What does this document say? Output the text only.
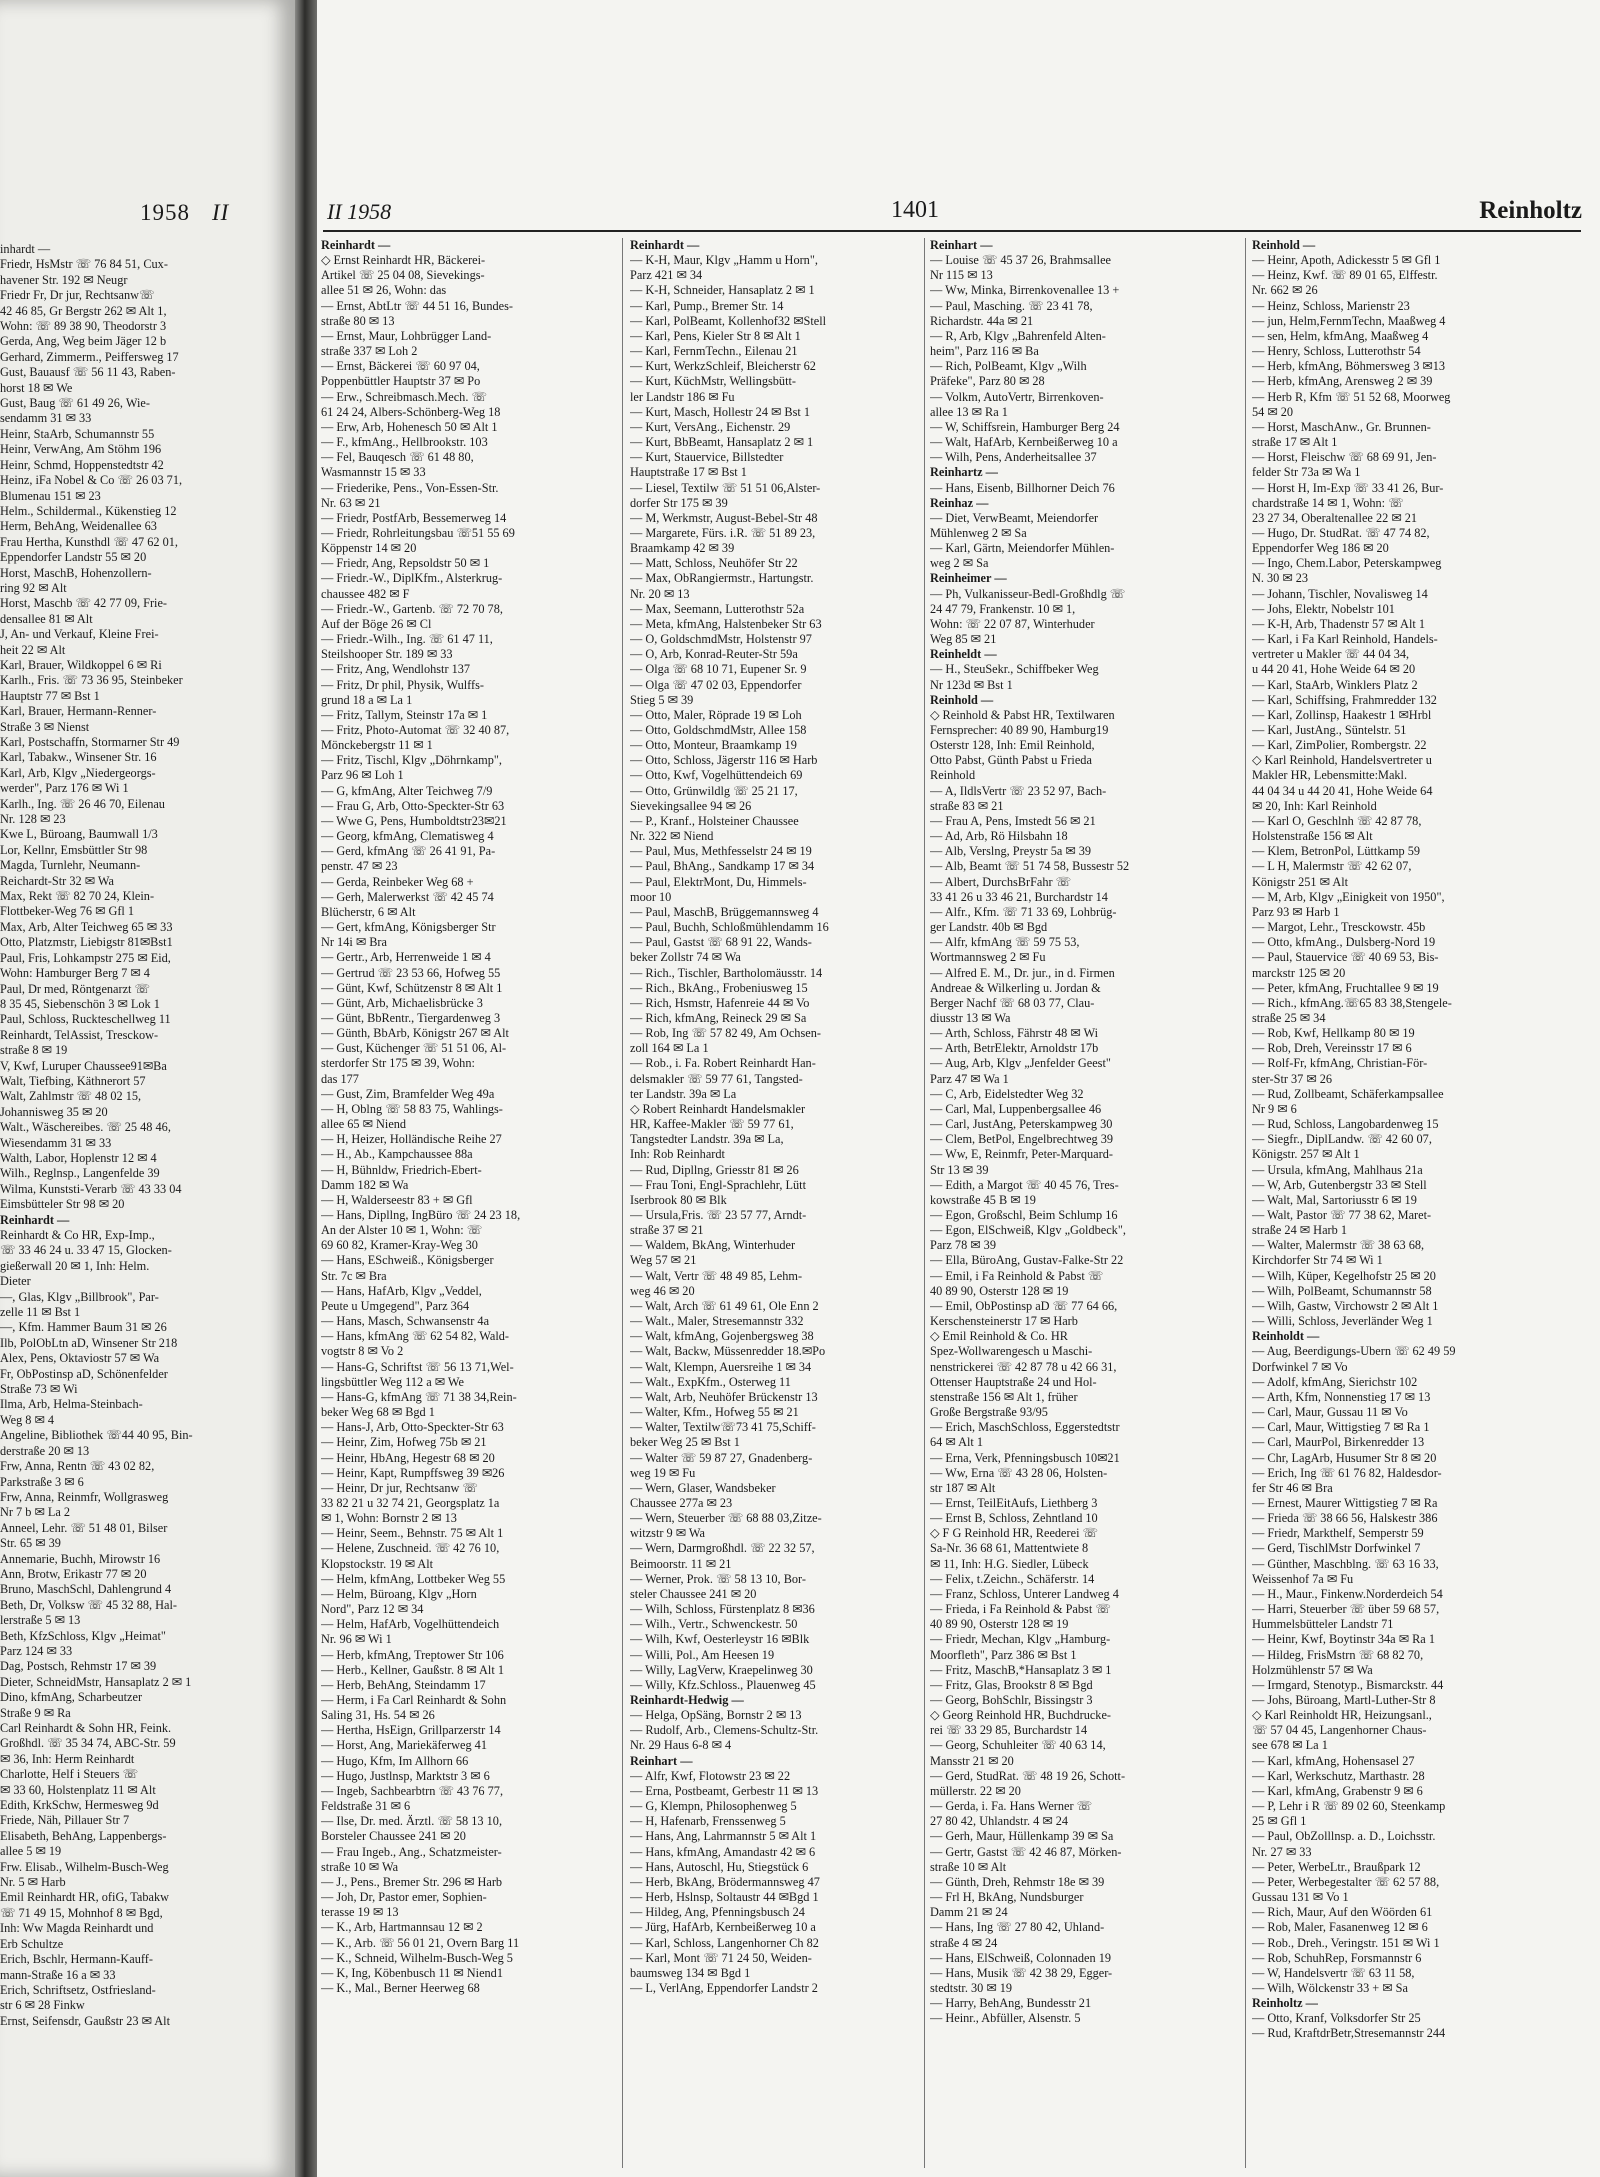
1958 II
inhardt —
Friedr, HsMstr ☏ 76 84 51, Cux-
havener Str. 192 ✉ Neugr
Friedr Fr, Dr jur, Rechtsanw☏
42 46 85, Gr Bergstr 262 ✉ Alt 1,
Wohn: ☏ 89 38 90, Theodorstr 3
Gerda, Ang, Weg beim Jäger 12 b
Gerhard, Zimmerm., Peiffersweg 17
Gust, Bauausf ☏ 56 11 43, Raben-
horst 18 ✉ We
Gust, Baug ☏ 61 49 26, Wie-
sendamm 31 ✉ 33
Heinr, StaArb, Schumannstr 55
Heinr, VerwAng, Am Stöhm 196
Heinr, Schmd, Hoppenstedtstr 42
Heinz, iFa Nobel & Co ☏ 26 03 71,
Blumenau 151 ✉ 23
Helm., Schildermal., Kükenstieg 12
Herm, BehAng, Weidenallee 63
Frau Hertha, Kunsthdl ☏ 47 62 01,
Eppendorfer Landstr 55 ✉ 20
Horst, MaschB, Hohenzollern-
ring 92 ✉ Alt
Horst, Maschb ☏ 42 77 09, Frie-
densallee 81 ✉ Alt
J, An- und Verkauf, Kleine Frei-
heit 22 ✉ Alt
Karl, Brauer, Wildkoppel 6 ✉ Ri
Karlh., Fris. ☏ 73 36 95, Steinbeker
Hauptstr 77 ✉ Bst 1
Karl, Brauer, Hermann-Renner-
Straße 3 ✉ Nienst
Karl, Postschaffn, Stormarner Str 49
Karl, Tabakw., Winsener Str. 16
Karl, Arb, Klgv „Niedergeorgs-
werder", Parz 176 ✉ Wi 1
Karlh., Ing. ☏ 26 46 70, Eilenau
Nr. 128 ✉ 23
Kwe L, Büroang, Baumwall 1/3
Lor, Kellnr, Emsbüttler Str 98
Magda, Turnlehr, Neumann-
Reichardt-Str 32 ✉ Wa
Max, Rekt ☏ 82 70 24, Klein-
Flottbeker-Weg 76 ✉ Gfl 1
Max, Arb, Alter Teichweg 65 ✉ 33
Otto, Platzmstr, Liebigstr 81✉Bst1
Paul, Fris, Lohkampstr 275 ✉ Eid,
Wohn: Hamburger Berg 7 ✉ 4
Paul, Dr med, Röntgenarzt ☏
8 35 45, Siebenschön 3 ✉ Lok 1
Paul, Schloss, Ruckteschellweg 11
Reinhardt, TelAssist, Tresckow-
straße 8 ✉ 19
V, Kwf, Luruper Chaussee91✉Ba
Walt, Tiefbing, Käthnerort 57
Walt, Zahlmstr ☏ 48 02 15,
Johannisweg 35 ✉ 20
Walt., Wäschereibes. ☏ 25 48 46,
Wiesendamm 31 ✉ 33
Walth, Labor, Hoplenstr 12 ✉ 4
Wilh., Reglnsp., Langenfelde 39
Wilma, Kunststi-Verarb ☏ 43 33 04
Eimsbütteler Str 98 ✉ 20
Reinhardt —
Reinhardt & Co HR, Exp-Imp.,
☏ 33 46 24 u. 33 47 15, Glocken-
gießerwall 20 ✉ 1, Inh: Helm.
Dieter
—, Glas, Klgv „Billbrook", Par-
zelle 11 ✉ Bst 1
—, Kfm. Hammer Baum 31 ✉ 26
Ilb, PolObLtn aD, Winsener Str 218
Alex, Pens, Oktaviostr 57 ✉ Wa
Fr, ObPostinsp aD, Schönenfelder
Straße 73 ✉ Wi
Ilma, Arb, Helma-Steinbach-
Weg 8 ✉ 4
Angeline, Bibliothek ☏44 40 95, Bin-
derstraße 20 ✉ 13
Frw, Anna, Rentn ☏ 43 02 82,
Parkstraße 3 ✉ 6
Frw, Anna, Reinmfr, Wollgrasweg
Nr 7 b ✉ La 2
Anneel, Lehr. ☏ 51 48 01, Bilser
Str. 65 ✉ 39
Annemarie, Buchh, Mirowstr 16
Ann, Brotw, Erikastr 77 ✉ 20
Bruno, MaschSchl, Dahlengrund 4
Beth, Dr, Volksw ☏ 45 32 88, Hal-
lerstraße 5 ✉ 13
Beth, KfzSchloss, Klgv „Heimat"
Parz 124 ✉ 33
Dag, Postsch, Rehmstr 17 ✉ 39
Dieter, SchneidMstr, Hansaplatz 2 ✉ 1
Dino, kfmAng, Scharbeutzer
Straße 9 ✉ Ra
Carl Reinhardt & Sohn HR, Feink.
Großhdl. ☏ 35 34 74, ABC-Str. 59
✉ 36, Inh: Herm Reinhardt
Charlotte, Helf i Steuers ☏
✉ 33 60, Holstenplatz 11 ✉ Alt
Edith, KrkSchw, Hermesweg 9d
Friede, Näh, Pillauer Str 7
Elisabeth, BehAng, Lappenbergs-
allee 5 ✉ 19
Frw. Elisab., Wilhelm-Busch-Weg
Nr. 5 ✉ Harb
Emil Reinhardt HR, ofiG, Tabakw
☏ 71 49 15, Mohnhof 8 ✉ Bgd,
Inh: Ww Magda Reinhardt und
Erb Schultze
Erich, Bschlr, Hermann-Kauff-
mann-Straße 16 a ✉ 33
Erich, Schriftsetz, Ostfriesland-
str 6 ✉ 28 Finkw
Ernst, Seifensdr, Gaußstr 23 ✉ Alt
II 1958	1401	Reinholtz
Reinhardt —
◇ Ernst Reinhardt HR, Bäckerei-
Artikel ☏ 25 04 08, Sievekings-
allee 51 ✉ 26, Wohn: das
— Ernst, AbtLtr ☏ 44 51 16, Bundes-
straße 80 ✉ 13
— Ernst, Maur, Lohbrügger Land-
straße 337 ✉ Loh 2
— Ernst, Bäckerei ☏ 60 97 04,
Poppenbüttler Hauptstr 37 ✉ Po
— Erw., Schreibmasch.Mech. ☏
61 24 24, Albers-Schönberg-Weg 18
— Erw, Arb, Hohenesch 50 ✉ Alt 1
— F., kfmAng., Hellbrookstr. 103
— Fel, Bauqesch ☏ 61 48 80,
Wasmannstr 15 ✉ 33
— Friederike, Pens., Von-Essen-Str.
Nr. 63 ✉ 21
— Friedr, PostfArb, Bessemerweg 14
— Friedr, Rohrleitungsbau ☏51 55 69
Köppenstr 14 ✉ 20
— Friedr, Ang, Repsoldstr 50 ✉ 1
— Friedr.-W., DiplKfm., Alsterkrug-
chaussee 482 ✉ F
— Friedr.-W., Gartenb. ☏ 72 70 78,
Auf der Böge 26 ✉ Cl
— Friedr.-Wilh., Ing. ☏ 61 47 11,
Steilshooper Str. 189 ✉ 33
— Fritz, Ang, Wendlohstr 137
— Fritz, Dr phil, Physik, Wulffs-
grund 18 a ✉ La 1
— Fritz, Tallym, Steinstr 17a ✉ 1
— Fritz, Photo-Automat ☏ 32 40 87,
Mönckebergstr 11 ✉ 1
— Fritz, Tischl, Klgv „Döhrnkamp",
Parz 96 ✉ Loh 1
— G, kfmAng, Alter Teichweg 7/9
— Frau G, Arb, Otto-Speckter-Str 63
— Wwe G, Pens, Humboldtstr23✉21
— Georg, kfmAng, Clematisweg 4
— Gerd, kfmAng ☏ 26 41 91, Pa-
penstr. 47 ✉ 23
— Gerda, Reinbeker Weg 68 +
— Gerh, Malerwerkst ☏ 42 45 74
Blücherstr, 6 ✉ Alt
— Gert, kfmAng, Königsberger Str
Nr 14i ✉ Bra
— Gertr., Arb, Herrenweide 1 ✉ 4
— Gertrud ☏ 23 53 66, Hofweg 55
— Günt, Kwf, Schützenstr 8 ✉ Alt 1
— Günt, Arb, Michaelisbrücke 3
— Günt, BbRentr., Tiergardenweg 3
— Günth, BbArb, Königstr 267 ✉ Alt
— Gust, Küchenger ☏ 51 51 06, Al-
sterdorfer Str 175 ✉ 39, Wohn:
das 177
— Gust, Zim, Bramfelder Weg 49a
— H, Oblng ☏ 58 83 75, Wahlings-
allee 65 ✉ Niend
— H, Heizer, Holländische Reihe 27
— H., Ab., Kampchaussee 88a
— H, Bühnldw, Friedrich-Ebert-
Damm 182 ✉ Wa
— H, Walderseestr 83 + ✉ Gfl
— Hans, Dipllng, IngBüro ☏ 24 23 18,
An der Alster 10 ✉ 1, Wohn: ☏
69 60 82, Kramer-Kray-Weg 30
— Hans, ESchweiß., Königsberger
Str. 7c ✉ Bra
— Hans, HafArb, Klgv „Veddel,
Peute u Umgegend", Parz 364
— Hans, Masch, Schwansenstr 4a
— Hans, kfmAng ☏ 62 54 82, Wald-
vogtstr 8 ✉ Vo 2
— Hans-G, Schriftst ☏ 56 13 71,Wel-
lingsbüttler Weg 112 a ✉ We
— Hans-G, kfmAng ☏ 71 38 34,Rein-
beker Weg 68 ✉ Bgd 1
— Hans-J, Arb, Otto-Speckter-Str 63
— Heinr, Zim, Hofweg 75b ✉ 21
— Heinr, HbAng, Hegestr 68 ✉ 20
— Heinr, Kapt, Rumpffsweg 39 ✉26
— Heinr, Dr jur, Rechtsanw ☏
33 82 21 u 32 74 21, Georgsplatz 1a
✉ 1, Wohn: Bornstr 2 ✉ 13
— Heinr, Seem., Behnstr. 75 ✉ Alt 1
— Helene, Zuschneid. ☏ 42 76 10,
Klopstockstr. 19 ✉ Alt
— Helm, kfmAng, Lottbeker Weg 55
— Helm, Büroang, Klgv „Horn
Nord", Parz 12 ✉ 34
— Helm, HafArb, Vogelhüttendeich
Nr. 96 ✉ Wi 1
— Herb, kfmAng, Treptower Str 106
— Herb., Kellner, Gaußstr. 8 ✉ Alt 1
— Herb, BehAng, Steindamm 17
— Herm, i Fa Carl Reinhardt & Sohn
Saling 31, Hs. 54 ✉ 26
— Hertha, HsEign, Grillparzerstr 14
— Horst, Ang, Mariekäferweg 41
— Hugo, Kfm, Im Allhorn 66
— Hugo, Justlnsp, Marktstr 3 ✉ 6
— Ingeb, Sachbearbtrn ☏ 43 76 77,
Feldstraße 31 ✉ 6
— Ilse, Dr. med. Ärztl. ☏ 58 13 10,
Borsteler Chaussee 241 ✉ 20
— Frau Ingeb., Ang., Schatzmeister-
straße 10 ✉ Wa
— J., Pens., Bremer Str. 296 ✉ Harb
— Joh, Dr, Pastor emer, Sophien-
terasse 19 ✉ 13
— K., Arb, Hartmannsau 12 ✉ 2
— K., Arb. ☏ 56 01 21, Overn Barg 11
— K., Schneid, Wilhelm-Busch-Weg 5
— K, Ing, Köbenbusch 11 ✉ Niend1
— K., Mal., Berner Heerweg 68
Reinhardt —
— K-H, Maur, Klgv „Hamm u Horn",
Parz 421 ✉ 34
— K-H, Schneider, Hansaplatz 2 ✉ 1
— Karl, Pump., Bremer Str. 14
— Karl, PolBeamt, Kollenhof32 ✉Stell
— Karl, Pens, Kieler Str 8 ✉ Alt 1
— Karl, FernmTechn., Eilenau 21
— Kurt, WerkzSchleif, Bleicherstr 62
— Kurt, KüchMstr, Wellingsbütt-
ler Landstr 186 ✉ Fu
— Kurt, Masch, Hollestr 24 ✉ Bst 1
— Kurt, VersAng., Eichenstr. 29
— Kurt, BbBeamt, Hansaplatz 2 ✉ 1
— Kurt, Stauervice, Billstedter
Hauptstraße 17 ✉ Bst 1
— Liesel, Textilw ☏ 51 51 06,Alster-
dorfer Str 175 ✉ 39
— M, Werkmstr, August-Bebel-Str 48
— Margarete, Fürs. i.R. ☏ 51 89 23,
Braamkamp 42 ✉ 39
— Matt, Schloss, Neuhöfer Str 22
— Max, ObRangiermstr., Hartungstr.
Nr. 20 ✉ 13
— Max, Seemann, Lutterothstr 52a
— Meta, kfmAng, Halstenbeker Str 63
— O, GoldschmdMstr, Holstenstr 97
— O, Arb, Konrad-Reuter-Str 59a
— Olga ☏ 68 10 71, Eupener Sr. 9
— Olga ☏ 47 02 03, Eppendorfer
Stieg 5 ✉ 39
— Otto, Maler, Röprade 19 ✉ Loh
— Otto, GoldschmdMstr, Allee 158
— Otto, Monteur, Braamkamp 19
— Otto, Schloss, Jägerstr 116 ✉ Harb
— Otto, Kwf, Vogelhüttendeich 69
— Otto, Grünwildlg ☏ 25 21 17,
Sievekingsallee 94 ✉ 26
— P., Kranf., Holsteiner Chaussee
Nr. 322 ✉ Niend
— Paul, Mus, Methfesselstr 24 ✉ 19
— Paul, BhAng., Sandkamp 17 ✉ 34
— Paul, ElektrMont, Du, Himmels-
moor 10
— Paul, MaschB, Brüggemannsweg 4
— Paul, Buchh, Schloßmühlendamm 16
— Paul, Gastst ☏ 68 91 22, Wands-
beker Zollstr 74 ✉ Wa
— Rich., Tischler, Bartholomäusstr. 14
— Rich., BkAng., Frobeniusweg 15
— Rich, Hsmstr, Hafenreie 44 ✉ Vo
— Rich, kfmAng, Reineck 29 ✉ Sa
— Rob, Ing ☏ 57 82 49, Am Ochsen-
zoll 164 ✉ La 1
— Rob., i. Fa. Robert Reinhardt Han-
delsmakler ☏ 59 77 61, Tangsted-
ter Landstr. 39a ✉ La
◇ Robert Reinhardt Handelsmakler
HR, Kaffee-Makler ☏ 59 77 61,
Tangstedter Landstr. 39a ✉ La,
Inh: Rob Reinhardt
— Rud, Dipllng, Griesstr 81 ✉ 26
— Frau Toni, Engl-Sprachlehr, Lütt
Iserbrook 80 ✉ Blk
— Ursula,Fris. ☏ 23 57 77, Arndt-
straße 37 ✉ 21
— Waldem, BkAng, Winterhuder
Weg 57 ✉ 21
— Walt, Vertr ☏ 48 49 85, Lehm-
weg 46 ✉ 20
— Walt, Arch ☏ 61 49 61, Ole Enn 2
— Walt., Maler, Stresemannstr 332
— Walt, kfmAng, Gojenbergsweg 38
— Walt, Backw, Müssenredder 18.✉Po
— Walt, Klempn, Auersreihe 1 ✉ 34
— Walt., ExpKfm., Osterweg 11
— Walt, Arb, Neuhöfer Brückenstr 13
— Walter, Kfm., Hofweg 55 ✉ 21
— Walter, Textilw☏73 41 75,Schiff-
beker Weg 25 ✉ Bst 1
— Walter ☏ 59 87 27, Gnadenberg-
weg 19 ✉ Fu
— Wern, Glaser, Wandsbeker
Chaussee 277a ✉ 23
— Wern, Steuerber ☏ 68 88 03,Zitze-
witzstr 9 ✉ Wa
— Wern, Darmgroßhdl. ☏ 22 32 57,
Beimoorstr. 11 ✉ 21
— Werner, Prok. ☏ 58 13 10, Bor-
steler Chaussee 241 ✉ 20
— Wilh, Schloss, Fürstenplatz 8 ✉36
— Wilh., Vertr., Schwenckestr. 50
— Wilh, Kwf, Oesterleystr 16 ✉Blk
— Willi, Pol., Am Heesen 19
— Willy, LagVerw, Kraepelinweg 30
— Willy, Kfz.Schloss., Plauenweg 45
Reinhardt-Hedwig —
— Helga, OpSäng, Bornstr 2 ✉ 13
— Rudolf, Arb., Clemens-Schultz-Str.
Nr. 29 Haus 6-8 ✉ 4
Reinhart —
— Alfr, Kwf, Flotowstr 23 ✉ 22
— Erna, Postbeamt, Gerbestr 11 ✉ 13
— G, Klempn, Philosophenweg 5
— H, Hafenarb, Frenssenweg 5
— Hans, Ang, Lahrmannstr 5 ✉ Alt 1
— Hans, kfmAng, Amandastr 42 ✉ 6
— Hans, Autoschl, Hu, Stiegstück 6
— Herb, BkAng, Brödermannsweg 47
— Herb, Hslnsp, Soltaustr 44 ✉Bgd 1
— Hildeg, Ang, Pfenningsbusch 24
— Jürg, HafArb, Kernbeißerweg 10 a
— Karl, Schloss, Langenhorner Ch 82
— Karl, Mont ☏ 71 24 50, Weiden-
baumsweg 134 ✉ Bgd 1
— L, VerlAng, Eppendorfer Landstr 2
Reinhart —
— Louise ☏ 45 37 26, Brahmsallee
Nr 115 ✉ 13
— Ww, Minka, Birrenkovenallee 13 +
— Paul, Masching. ☏ 23 41 78,
Richardstr. 44a ✉ 21
— R, Arb, Klgv „Bahrenfeld Alten-
heim", Parz 116 ✉ Ba
— Rich, PolBeamt, Klgv „Wilh
Präfeke", Parz 80 ✉ 28
— Volkm, AutoVertr, Birrenkoven-
allee 13 ✉ Ra 1
— W, Schiffsrein, Hamburger Berg 24
— Walt, HafArb, Kernbeißerweg 10 a
— Wilh, Pens, Anderheitsallee 37
Reinhartz —
— Hans, Eisenb, Billhorner Deich 76
Reinhaz —
— Diet, VerwBeamt, Meiendorfer
Mühlenweg 2 ✉ Sa
— Karl, Gärtn, Meiendorfer Mühlen-
weg 2 ✉ Sa
Reinheimer —
— Ph, Vulkanisseur-Bedl-Großhdlg ☏
24 47 79, Frankenstr. 10 ✉ 1,
Wohn: ☏ 22 07 87, Winterhuder
Weg 85 ✉ 21
Reinheldt —
— H., SteuSekr., Schiffbeker Weg
Nr 123d ✉ Bst 1
Reinhold —
◇ Reinhold & Pabst HR, Textilwaren
Fernsprecher: 40 89 90, Hamburg19
Osterstr 128, Inh: Emil Reinhold,
Otto Pabst, Günth Pabst u Frieda
Reinhold
— A, IldlsVertr ☏ 23 52 97, Bach-
straße 83 ✉ 21
— Frau A, Pens, Imstedt 56 ✉ 21
— Ad, Arb, Rö Hilsbahn 18
— Alb, Verslng, Preystr 5a ✉ 39
— Alb, Beamt ☏ 51 74 58, Bussestr 52
— Albert, DurchsBrFahr ☏
33 41 26 u 33 46 21, Burchardstr 14
— Alfr., Kfm. ☏ 71 33 69, Lohbrüg-
ger Landstr. 40b ✉ Bgd
— Alfr, kfmAng ☏ 59 75 53,
Wortmannsweg 2 ✉ Fu
— Alfred E. M., Dr. jur., in d. Firmen
Andreae & Wilkerling u. Jordan &
Berger Nachf ☏ 68 03 77, Clau-
diusstr 13 ✉ Wa
— Arth, Schloss, Fährstr 48 ✉ Wi
— Arth, BetrElektr, Arnoldstr 17b
— Aug, Arb, Klgv „Jenfelder Geest"
Parz 47 ✉ Wa 1
— C, Arb, Eidelstedter Weg 32
— Carl, Mal, Luppenbergsallee 46
— Carl, JustAng, Peterskampweg 30
— Clem, BetPol, Engelbrechtweg 39
— Ww, E, Reinmfr, Peter-Marquard-
Str 13 ✉ 39
— Edith, a Margot ☏ 40 45 76, Tres-
kowstraße 45 B ✉ 19
— Egon, Großschl, Beim Schlump 16
— Egon, ElSchweiß, Klgv „Goldbeck",
Parz 78 ✉ 39
— Ella, BüroAng, Gustav-Falke-Str 22
— Emil, i Fa Reinhold & Pabst ☏
40 89 90, Osterstr 128 ✉ 19
— Emil, ObPostinsp aD ☏ 77 64 66,
Kerschensteinerstr 17 ✉ Harb
◇ Emil Reinhold & Co. HR
Spez-Wollwarengesch u Maschi-
nenstrickerei ☏ 42 87 78 u 42 66 31,
Ottenser Hauptstraße 24 und Hol-
stenstraße 156 ✉ Alt 1, früher
Große Bergstraße 93/95
— Erich, MaschSchloss, Eggerstedtstr
64 ✉ Alt 1
— Erna, Verk, Pfenningsbusch 10✉21
— Ww, Erna ☏ 43 28 06, Holsten-
str 187 ✉ Alt
— Ernst, TeilEitAufs, Liethberg 3
— Ernst B, Schloss, Zehntland 10
◇ F G Reinhold HR, Reederei ☏
Sa-Nr. 36 68 61, Mattentwiete 8
✉ 11, Inh: H.G. Siedler, Lübeck
— Felix, t.Zeichn., Schäferstr. 14
— Franz, Schloss, Unterer Landweg 4
— Frieda, i Fa Reinhold & Pabst ☏
40 89 90, Osterstr 128 ✉ 19
— Friedr, Mechan, Klgv „Hamburg-
Moorfleth", Parz 386 ✉ Bst 1
— Fritz, MaschB,*Hansaplatz 3 ✉ 1
— Fritz, Glas, Brookstr 8 ✉ Bgd
— Georg, BohSchlr, Bissingstr 3
◇ Georg Reinhold HR, Buchdrucke-
rei ☏ 33 29 85, Burchardstr 14
— Georg, Schuhleiter ☏ 40 63 14,
Mansstr 21 ✉ 20
— Gerd, StudRat. ☏ 48 19 26, Schott-
müllerstr. 22 ✉ 20
— Gerda, i. Fa. Hans Werner ☏
27 80 42, Uhlandstr. 4 ✉ 24
— Gerh, Maur, Hüllenkamp 39 ✉ Sa
— Gertr, Gastst ☏ 42 46 87, Mörken-
straße 10 ✉ Alt
— Günth, Dreh, Rehmstr 18e ✉ 39
— Frl H, BkAng, Nundsburger
Damm 21 ✉ 24
— Hans, Ing ☏ 27 80 42, Uhland-
straße 4 ✉ 24
— Hans, ElSchweiß, Colonnaden 19
— Hans, Musik ☏ 42 38 29, Egger-
stedtstr. 30 ✉ 19
— Harry, BehAng, Bundesstr 21
— Heinr., Abfüller, Alsenstr. 5
Reinhold —
— Heinr, Apoth, Adickesstr 5 ✉ Gfl 1
— Heinz, Kwf. ☏ 89 01 65, Elffestr.
Nr. 662 ✉ 26
— Heinz, Schloss, Marienstr 23
— jun, Helm,FernmTechn, Maaßweg 4
— sen, Helm, kfmAng, Maaßweg 4
— Henry, Schloss, Lutterothstr 54
— Herb, kfmAng, Böhmersweg 3 ✉13
— Herb, kfmAng, Arensweg 2 ✉ 39
— Herb R, Kfm ☏ 51 52 68, Moorweg
54 ✉ 20
— Horst, MaschAnw., Gr. Brunnen-
straße 17 ✉ Alt 1
— Horst, Fleischw ☏ 68 69 91, Jen-
felder Str 73a ✉ Wa 1
— Horst H, Im-Exp ☏ 33 41 26, Bur-
chardstraße 14 ✉ 1, Wohn: ☏
23 27 34, Oberaltenallee 22 ✉ 21
— Hugo, Dr. StudRat. ☏ 47 74 82,
Eppendorfer Weg 186 ✉ 20
— Ingo, Chem.Labor, Peterskampweg
N. 30 ✉ 23
— Johann, Tischler, Novalisweg 14
— Johs, Elektr, Nobelstr 101
— K-H, Arb, Thadenstr 57 ✉ Alt 1
— Karl, i Fa Karl Reinhold, Handels-
vertreter u Makler ☏ 44 04 34,
u 44 20 41, Hohe Weide 64 ✉ 20
— Karl, StaArb, Winklers Platz 2
— Karl, Schiffsing, Frahmredder 132
— Karl, Zollinsp, Haakestr 1 ✉Hrbl
— Karl, JustAng., Süntelstr. 51
— Karl, ZimPolier, Rombergstr. 22
◇ Karl Reinhold, Handelsvertreter u
Makler HR, Lebensmitte:Makl.
44 04 34 u 44 20 41, Hohe Weide 64
✉ 20, Inh: Karl Reinhold
— Karl O, Geschlnh ☏ 42 87 78,
Holstenstraße 156 ✉ Alt
— Klem, BetronPol, Lüttkamp 59
— L H, Malermstr ☏ 42 62 07,
Königstr 251 ✉ Alt
— M, Arb, Klgv „Einigkeit von 1950",
Parz 93 ✉ Harb 1
— Margot, Lehr., Tresckowstr. 45b
— Otto, kfmAng., Dulsberg-Nord 19
— Paul, Stauervice ☏ 40 69 53, Bis-
marckstr 125 ✉ 20
— Peter, kfmAng, Fruchtallee 9 ✉ 19
— Rich., kfmAng.☏65 83 38,Stengele-
straße 25 ✉ 34
— Rob, Kwf, Hellkamp 80 ✉ 19
— Rob, Dreh, Vereinsstr 17 ✉ 6
— Rolf-Fr, kfmAng, Christian-För-
ster-Str 37 ✉ 26
— Rud, Zollbeamt, Schäferkampsallee
Nr 9 ✉ 6
— Rud, Schloss, Langobardenweg 15
— Siegfr., DiplLandw. ☏ 42 60 07,
Königstr. 257 ✉ Alt 1
— Ursula, kfmAng, Mahlhaus 21a
— W, Arb, Gutenbergstr 33 ✉ Stell
— Walt, Mal, Sartoriusstr 6 ✉ 19
— Walt, Pastor ☏ 77 38 62, Maret-
straße 24 ✉ Harb 1
— Walter, Malermstr ☏ 38 63 68,
Kirchdorfer Str 74 ✉ Wi 1
— Wilh, Küper, Kegelhofstr 25 ✉ 20
— Wilh, PolBeamt, Schumannstr 58
— Wilh, Gastw, Virchowstr 2 ✉ Alt 1
— Willi, Schloss, Jeverländer Weg 1
Reinholdt —
— Aug, Beerdigungs-Ubern ☏ 62 49 59
Dorfwinkel 7 ✉ Vo
— Adolf, kfmAng, Sierichstr 102
— Arth, Kfm, Nonnenstieg 17 ✉ 13
— Carl, Maur, Gussau 11 ✉ Vo
— Carl, Maur, Wittigstieg 7 ✉ Ra 1
— Carl, MaurPol, Birkenredder 13
— Chr, LagArb, Husumer Str 8 ✉ 20
— Erich, Ing ☏ 61 76 82, Haldesdor-
fer Str 46 ✉ Bra
— Ernest, Maurer Wittigstieg 7 ✉ Ra
— Frieda ☏ 38 66 56, Halskestr 386
— Friedr, Markthelf, Semperstr 59
— Gerd, TischlMstr Dorfwinkel 7
— Günther, Maschblng. ☏ 63 16 33,
Weissenhof 7a ✉ Fu
— H., Maur., Finkenw.Norderdeich 54
— Harri, Steuerber ☏ über 59 68 57,
Hummelsbütteler Landstr 71
— Heinr, Kwf, Boytinstr 34a ✉ Ra 1
— Hildeg, FrisMstrn ☏ 68 82 70,
Holzmühlenstr 57 ✉ Wa
— Irmgard, Stenotyp., Bismarckstr. 44
— Johs, Büroang, Martl-Luther-Str 8
◇ Karl Reinholdt HR, Heizungsanl.,
☏ 57 04 45, Langenhorner Chaus-
see 678 ✉ La 1
— Karl, kfmAng, Hohensasel 27
— Karl, Werkschutz, Marthastr. 28
— Karl, kfmAng, Grabenstr 9 ✉ 6
— P, Lehr i R ☏ 89 02 60, Steenkamp
25 ✉ Gfl 1
— Paul, ObZolllnsp. a. D., Loichsstr.
Nr. 27 ✉ 33
— Peter, WerbeLtr., Braußpark 12
— Peter, Werbegestalter ☏ 62 57 88,
Gussau 131 ✉ Vo 1
— Rich, Maur, Auf den Wöörden 61
— Rob, Maler, Fasanenweg 12 ✉ 6
— Rob., Dreh., Veringstr. 151 ✉ Wi 1
— Rob, SchuhRep, Forsmannstr 6
— W, Handelsvertr ☏ 63 11 58,
— Wilh, Wölckenstr 33 + ✉ Sa
Reinholtz —
— Otto, Kranf, Volksdorfer Str 25
— Rud, KraftdrBetr,Stresemannstr 244
